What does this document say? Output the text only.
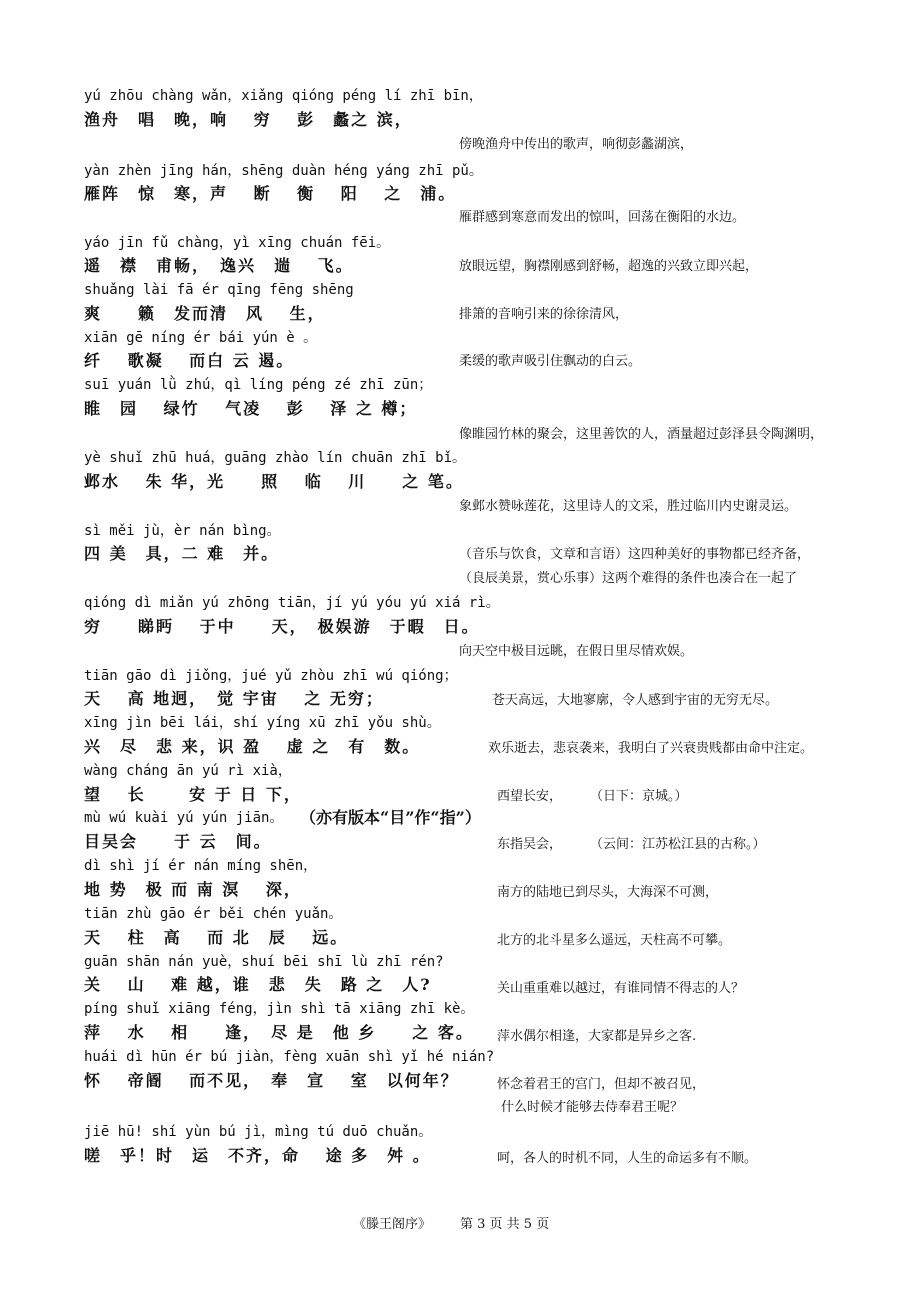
yú zhōu chàng wǎn，xiǎng qióng péng lí zhī bīn，
渔舟　唱　晚，响　 穷　 彭　蠡之 滨，
yàn zhèn jīng hán，shēng duàn héng yáng zhī pǔ。
雁阵　惊　寒，声　 断　 衡　 阳　 之　浦。
yáo jīn fǔ chàng，yì xīng chuán fēi。
遥　襟　甫畅，　逸兴　遄　 飞。
shuǎng lài fā ér qīng fēng shēng
爽　　籁　发而清　风　 生，
xiān gē níng ér bái yún è 。
纤　 歌凝　 而白 云 遏。
suī yuán lǜ zhú，qì líng péng zé zhī zūn；
睢　园　 绿竹　 气凌　 彭　 泽 之 樽；
yè shuǐ zhū huá，guāng zhào lín chuān zhī bǐ。
邺水　 朱 华，光　　照　 临　 川　　之 笔。
sì měi jù，èr nán bìng。
四 美　具，二 难　并。
qióng dì miǎn yú zhōng tiān，jí yú yóu yú xiá rì。
穷　　睇眄　 于中　　天，　极娱游　于暇　日。
tiān gāo dì jiǒng，jué yǔ zhòu zhī wú qióng；
天　 高 地迥，　觉 宇宙　 之 无穷；
xīng jìn bēi lái，shí yíng xū zhī yǒu shù。
兴　尽　悲 来，识 盈　 虚 之　有　数。
wàng cháng ān yú rì xià，
望　 长　　 安 于 日 下，
mù wú kuài yú yún jiān。 （亦有版本“目”作“指”）
目吴会　　于 云　间。
dì shì jí ér nán míng shēn，
地 势　极 而 南 溟　 深，
tiān zhù gāo ér běi chén yuǎn。
天　 柱　高　 而 北　辰　 远。
guān shān nán yuè，shuí bēi shī lù zhī rén?
关　 山　 难 越，谁　悲　失　路 之　人?
píng shuǐ xiāng féng，jìn shì tā xiāng zhī kè。
萍　 水　 相　　逢，　尽 是　他 乡　　之 客。
huái dì hūn ér bú jiàn，fèng xuān shì yǐ hé nián?
怀　 帝阍　 而不见，　奉　宣　 室　以何年？
jiē hū! shí yùn bú jì，mìng tú duō chuǎn。
嗟　乎！时　运　不齐，命　 途 多　舛 。
傍晚渔舟中传出的歌声，响彻彭蠡湖滨，
雁群感到寒意而发出的惊叫，回荡在衡阳的水边。
放眼远望，胸襟刚感到舒畅，超逸的兴致立即兴起，
排箫的音响引来的徐徐清风，
柔缓的歌声吸引住飘动的白云。
像睢园竹林的聚会，这里善饮的人，酒量超过彭泽县令陶渊明，
象邺水赞咏莲花，这里诗人的文采，胜过临川内史谢灵运。
（音乐与饮食，文章和言语）这四种美好的事物都已经齐备，
（良辰美景，赏心乐事）这两个难得的条件也凑合在一起了
向天空中极目远眺，在假日里尽情欢娱。
苍天高远，大地寥廓，令人感到宇宙的无穷无尽。
欢乐逝去，悲哀袭来，我明白了兴衰贵贱都由命中注定。
西望长安， （日下：京城。）
东指吴会， （云间：江苏松江县的古称。）
南方的陆地已到尽头，大海深不可测，
北方的北斗星多么遥远，天柱高不可攀。
关山重重难以越过，有谁同情不得志的人？
萍水偶尔相逢，大家都是异乡之客.
怀念着君王的宫门，但却不被召见，
什么时候才能够去侍奉君王呢？
呵，各人的时机不同，人生的命运多有不顺。
《滕王阁序》 第 3 页 共 5 页
